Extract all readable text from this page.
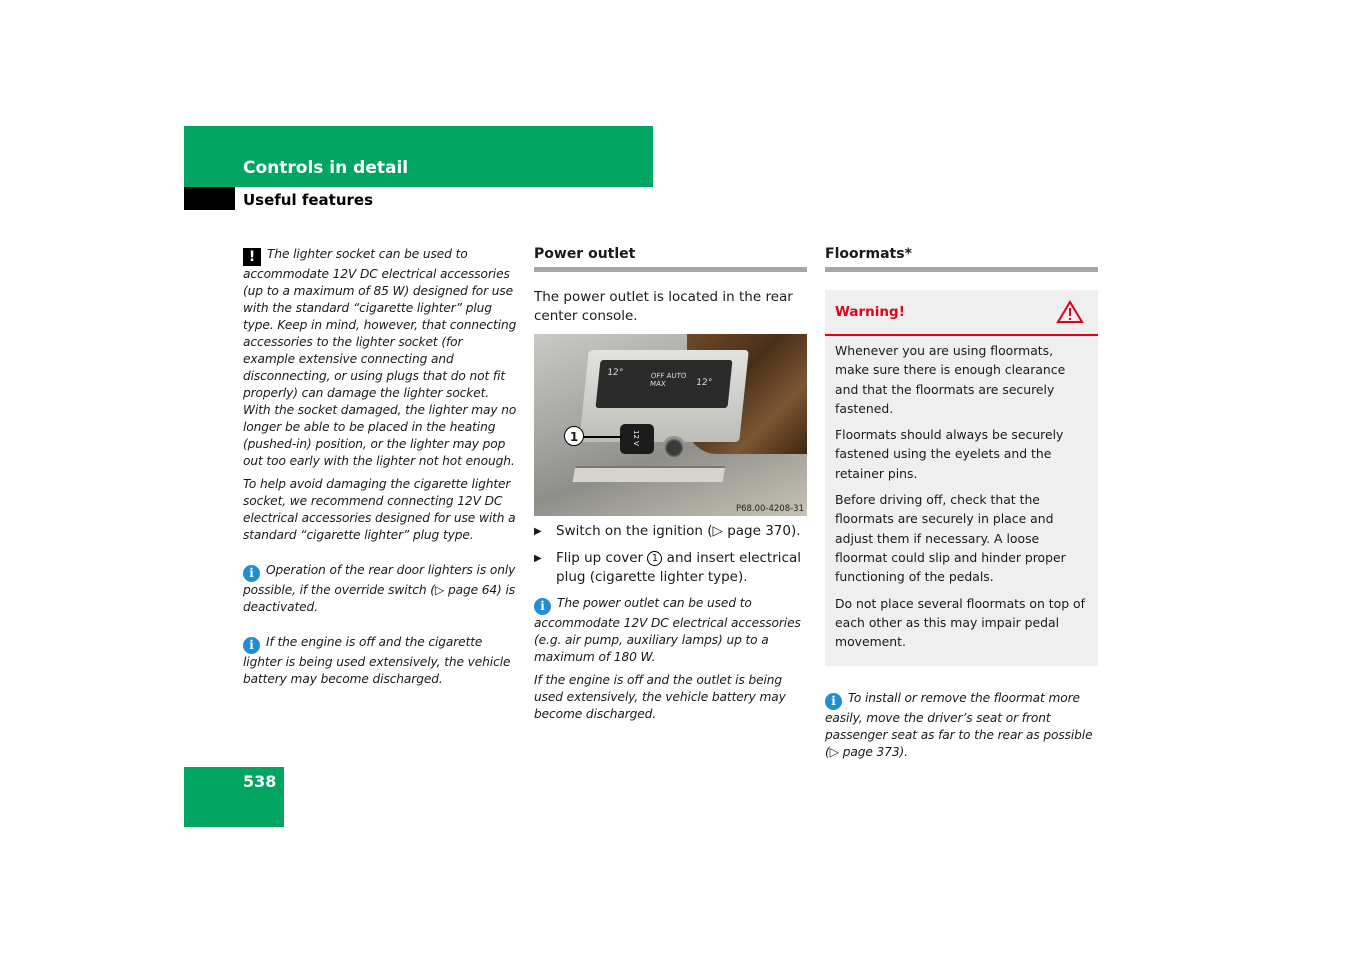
Controls in detail
Useful features

! The lighter socket can be used to accommodate 12V DC electrical accessories (up to a maximum of 85 W) designed for use with the standard “cigarette lighter” plug type. Keep in mind, however, that connecting accessories to the lighter socket (for example extensive connecting and disconnecting, or using plugs that do not fit properly) can damage the lighter socket. With the socket damaged, the lighter may no longer be able to be placed in the heating (pushed-in) position, or the lighter may pop out too early with the lighter not hot enough.

To help avoid damaging the cigarette lighter socket, we recommend connecting 12V DC electrical accessories designed for use with a standard “cigarette lighter” plug type.

i Operation of the rear door lighters is only possible, if the override switch (▷ page 64) is deactivated.

i If the engine is off and the cigarette lighter is being used extensively, the vehicle battery may become discharged.

Power outlet

The power outlet is located in the rear center console.

12°	OFF AUTO MAX	12°
12 V
1
P68.00-4208-31
▶	Switch on the ignition (▷ page 370).
▶	Flip up cover 1 and insert electrical plug (cigarette lighter type).

i The power outlet can be used to accommodate 12V DC electrical accessories (e.g. air pump, auxiliary lamps) up to a maximum of 180 W.

If the engine is off and the outlet is being used extensively, the vehicle battery may become discharged.

Floormats*
Warning!

Whenever you are using floormats, make sure there is enough clearance and that the floormats are securely fastened.

Floormats should always be securely fastened using the eyelets and the retainer pins.

Before driving off, check that the floormats are securely in place and adjust them if necessary. A loose floormat could slip and hinder proper functioning of the pedals.

Do not place several floormats on top of each other as this may impair pedal movement.

i To install or remove the floormat more easily, move the driver’s seat or front passenger seat as far to the rear as possible (▷ page 373).

538
